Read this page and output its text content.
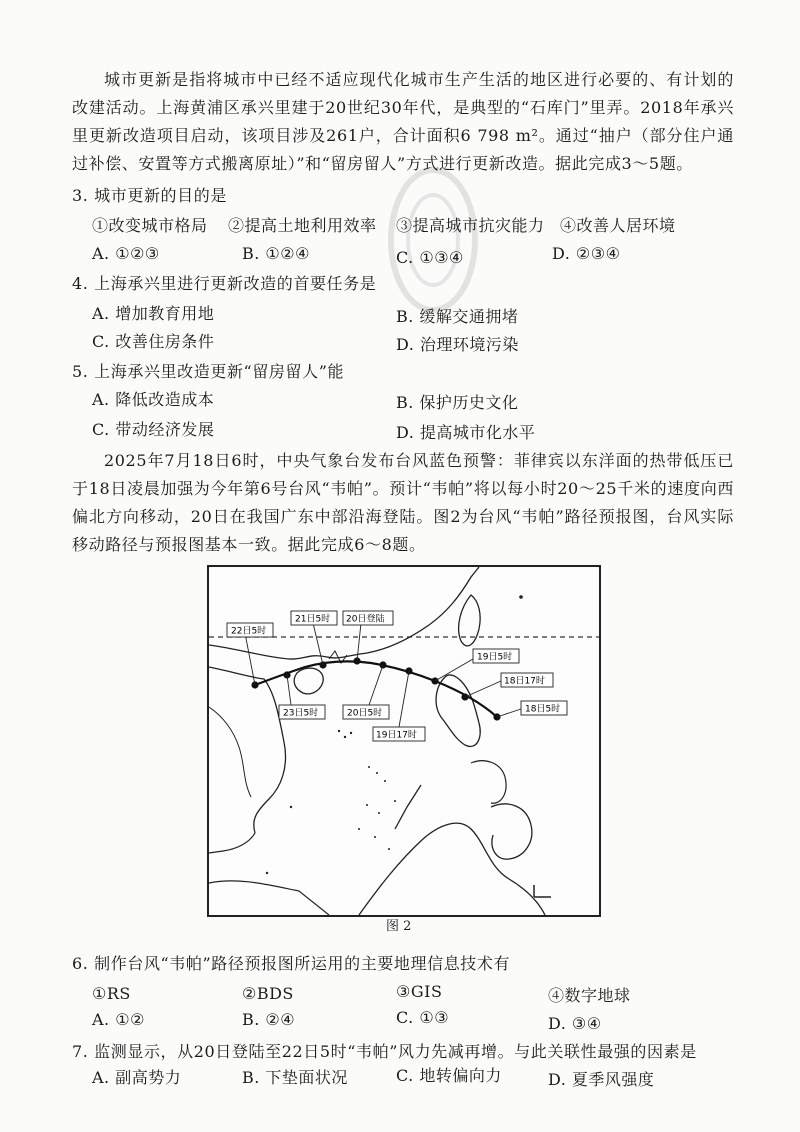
城市更新是指将城市中已经不适应现代化城市生产生活的地区进行必要的、有计划的改建活动。上海黄浦区承兴里建于20世纪30年代，是典型的“石库门”里弄。2018年承兴里更新改造项目启动，该项目涉及261户，合计面积6 798 m²。通过“抽户（部分住户通过补偿、安置等方式搬离原址）”和“留房留人”方式进行更新改造。据此完成3～5题。

3. 城市更新的目的是
①改变城市格局 ②提高土地利用效率 ③提高城市抗灾能力 ④改善人居环境
A. ①②③	B. ①②④	C. ①③④	D. ②③④
4. 上海承兴里进行更新改造的首要任务是
A. 增加教育用地	B. 缓解交通拥堵
C. 改善住房条件	D. 治理环境污染
5. 上海承兴里改造更新“留房留人”能
A. 降低改造成本	B. 保护历史文化
C. 带动经济发展	D. 提高城市化水平

2025年7月18日6时，中央气象台发布台风蓝色预警：菲律宾以东洋面的热带低压已于18日凌晨加强为今年第6号台风“韦帕”。预计“韦帕”将以每小时20～25千米的速度向西偏北方向移动，20日在我国广东中部沿海登陆。图2为台风“韦帕”路径预报图，台风实际移动路径与预报图基本一致。据此完成6～8题。

22日5时
21日5时 20日登陆
19日5时
18日17时
18日5时
23日5时	20日5时
19日17时
图 2
6. 制作台风“韦帕”路径预报图所运用的主要地理信息技术有
①RS	②BDS	③GIS	④数字地球
A. ①②	B. ②④	C. ①③	D. ③④
7. 监测显示，从20日登陆至22日5时“韦帕”风力先减再增。与此关联性最强的因素是
A. 副高势力	B. 下垫面状况	C. 地转偏向力	D. 夏季风强度
